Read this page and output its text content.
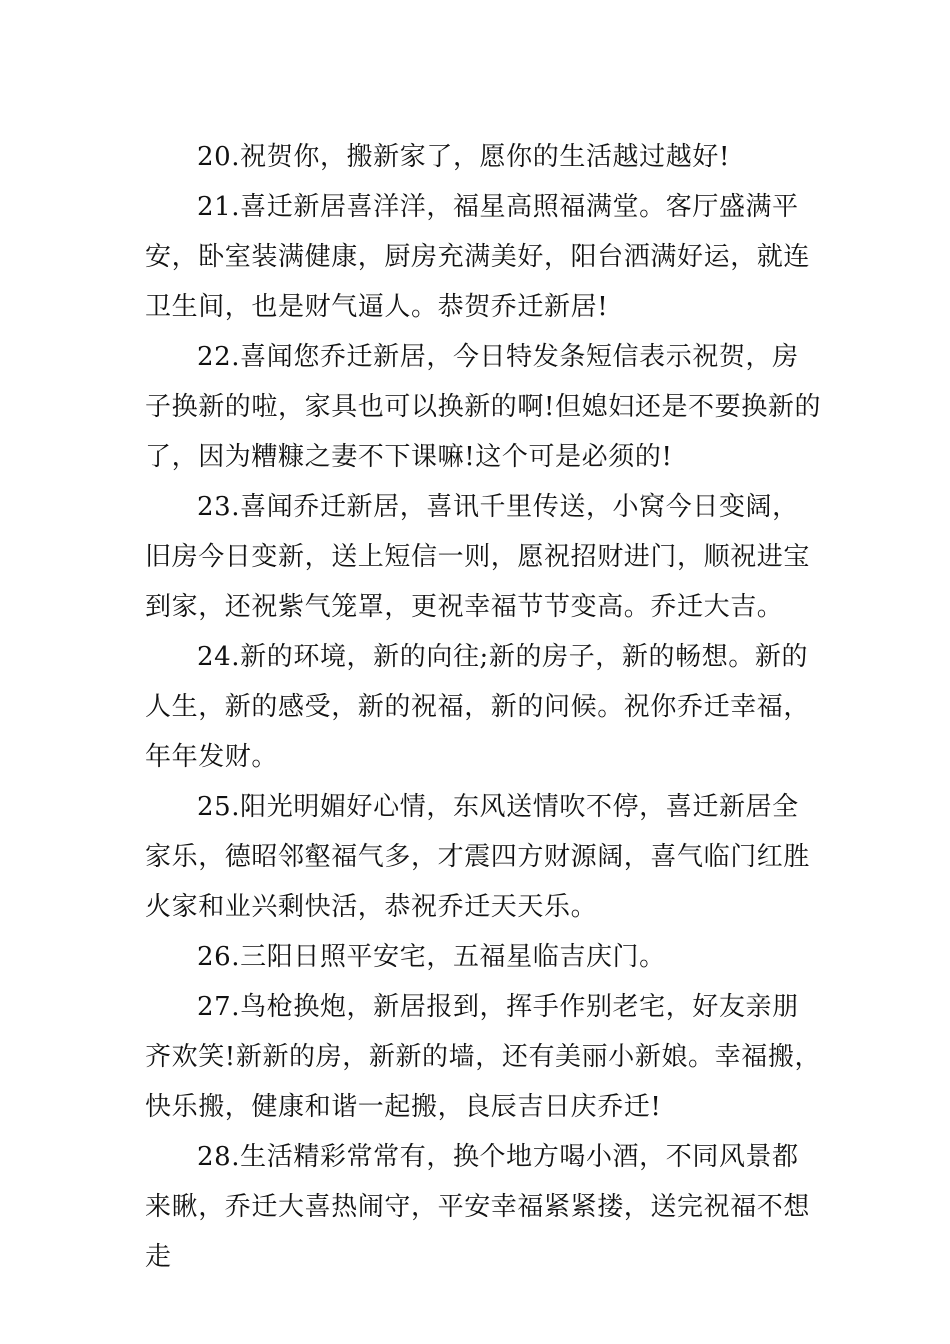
20.祝贺你，搬新家了，愿你的生活越过越好!

21.喜迁新居喜洋洋，福星高照福满堂。客厅盛满平安，卧室装满健康，厨房充满美好，阳台洒满好运，就连卫生间，也是财气逼人。恭贺乔迁新居!

22.喜闻您乔迁新居，今日特发条短信表示祝贺，房子换新的啦，家具也可以换新的啊!但媳妇还是不要换新的了，因为糟糠之妻不下课嘛!这个可是必须的!

23.喜闻乔迁新居，喜讯千里传送，小窝今日变阔，旧房今日变新，送上短信一则，愿祝招财进门，顺祝进宝到家，还祝紫气笼罩，更祝幸福节节变高。乔迁大吉。

24.新的环境，新的向往;新的房子，新的畅想。新的人生，新的感受，新的祝福，新的问候。祝你乔迁幸福，年年发财。

25.阳光明媚好心情，东风送情吹不停，喜迁新居全家乐，德昭邻壑福气多，才震四方财源阔，喜气临门红胜火家和业兴剩快活，恭祝乔迁天天乐。

26.三阳日照平安宅，五福星临吉庆门。

27.鸟枪换炮，新居报到，挥手作别老宅，好友亲朋齐欢笑!新新的房，新新的墙，还有美丽小新娘。幸福搬，快乐搬，健康和谐一起搬，良辰吉日庆乔迁!

28.生活精彩常常有，换个地方喝小酒，不同风景都来瞅，乔迁大喜热闹守，平安幸福紧紧搂，送完祝福不想走
